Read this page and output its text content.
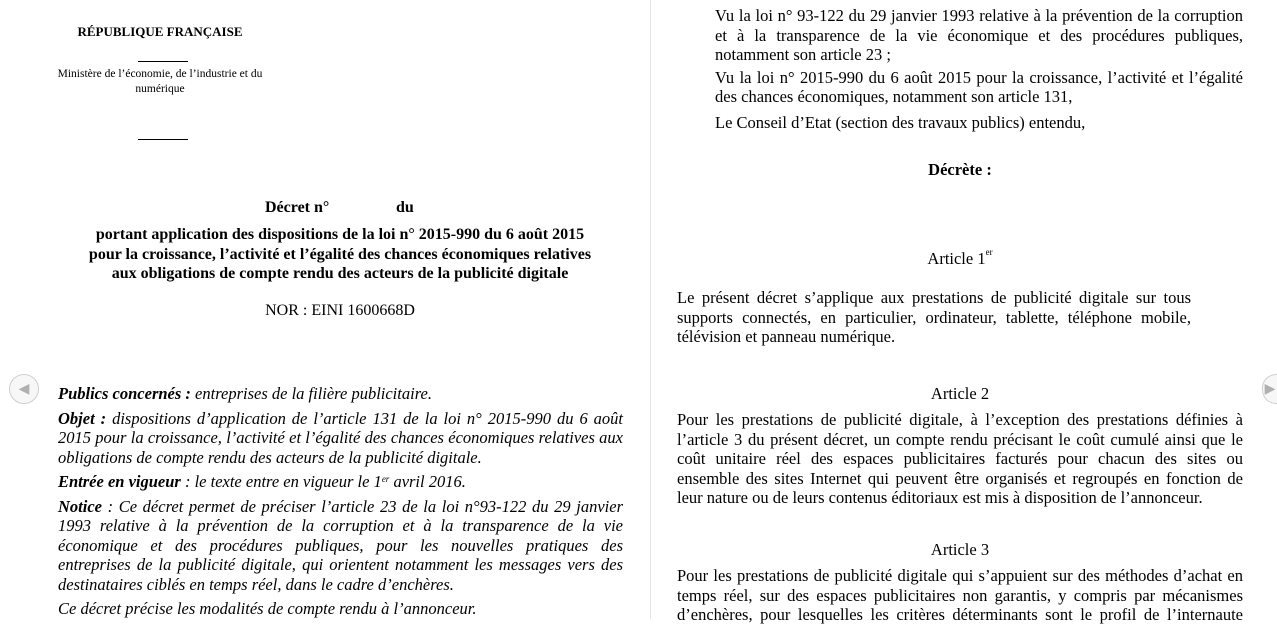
RÉPUBLIQUE FRANÇAISE
Ministère de l’économie, de l’industrie et du numérique
Décret n°	du
portant application des dispositions de la loi n° 2015-990 du 6 août 2015
pour la croissance, l’activité et l’égalité des chances économiques relatives
aux obligations de compte rendu des acteurs de la publicité digitale
NOR : EINI 1600668D
Publics concernés : entreprises de la filière publicitaire.
Objet : dispositions d’application de l’article 131 de la loi n° 2015-990 du 6 août 2015 pour la croissance, l’activité et l’égalité des chances économiques relatives aux obligations de compte rendu des acteurs de la publicité digitale.
Entrée en vigueur : le texte entre en vigueur le 1er avril 2016.
Notice : Ce décret permet de préciser l’article 23 de la loi n°93-122 du 29 janvier 1993 relative à la prévention de la corruption et à la transparence de la vie économique et des procédures publiques, pour les nouvelles pratiques des entreprises de la publicité digitale, qui orientent notamment les messages vers des destinataires ciblés en temps réel, dans le cadre d’enchères.
Ce décret précise les modalités de compte rendu à l’annonceur.
Vu la loi n° 93-122 du 29 janvier 1993 relative à la prévention de la corruption et à la transparence de la vie économique et des procédures publiques, notamment son article 23 ;
Vu la loi n° 2015-990 du 6 août 2015 pour la croissance, l’activité et l’égalité des chances économiques, notamment son article 131,
Le Conseil d’Etat (section des travaux publics) entendu,
Décrète :
Article 1er
Le présent décret s’applique aux prestations de publicité digitale sur tous supports connectés, en particulier, ordinateur, tablette, téléphone mobile, télévision et panneau numérique.
Article 2
Pour les prestations de publicité digitale, à l’exception des prestations définies à l’article 3 du présent décret, un compte rendu précisant le coût cumulé ainsi que le coût unitaire réel des espaces publicitaires facturés pour chacun des sites ou ensemble des sites Internet qui peuvent être organisés et regroupés en fonction de leur nature ou de leurs contenus éditoriaux est mis à disposition de l’annonceur.
Article 3
Pour les prestations de publicité digitale qui s’appuient sur des méthodes d’achat en temps réel, sur des espaces publicitaires non garantis, y compris par mécanismes d’enchères, pour lesquelles les critères déterminants sont le profil de l’internaute
◀	▶
